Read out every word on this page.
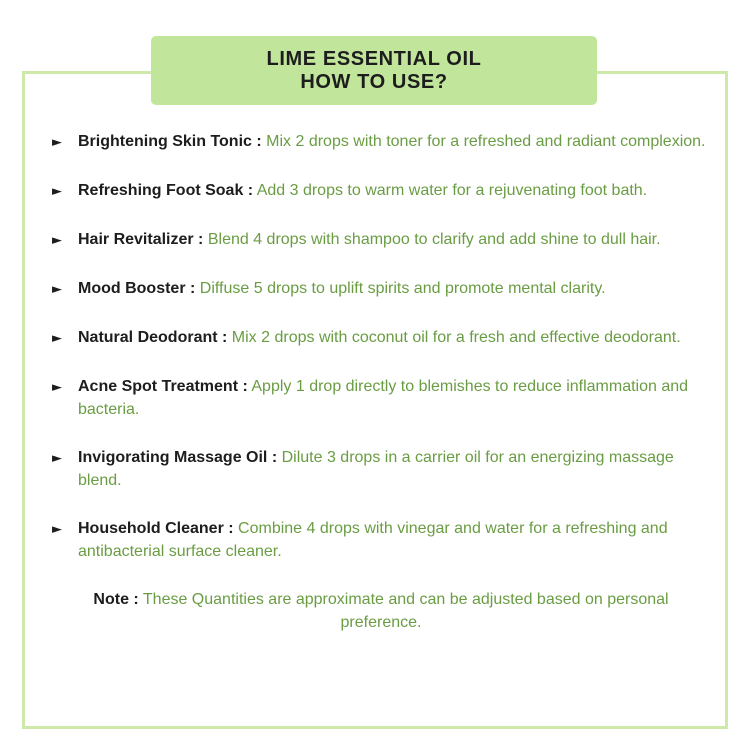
LIME ESSENTIAL OIL
HOW TO USE?
►	Brightening Skin Tonic : Mix 2 drops with toner for a refreshed and radiant complexion.
►	Refreshing Foot Soak : Add 3 drops to warm water for a rejuvenating foot bath.
►	Hair Revitalizer : Blend 4 drops with shampoo to clarify and add shine to dull hair.
►	Mood Booster : Diffuse 5 drops to uplift spirits and promote mental clarity.
►	Natural Deodorant : Mix 2 drops with coconut oil for a fresh and effective deodorant.
►	Acne Spot Treatment : Apply 1 drop directly to blemishes to reduce inflammation and bacteria.
►	Invigorating Massage Oil : Dilute 3 drops in a carrier oil for an energizing massage blend.
►	Household Cleaner : Combine 4 drops with vinegar and water for a refreshing and antibacterial surface cleaner.
Note : These Quantities are approximate and can be adjusted based on personal preference.
